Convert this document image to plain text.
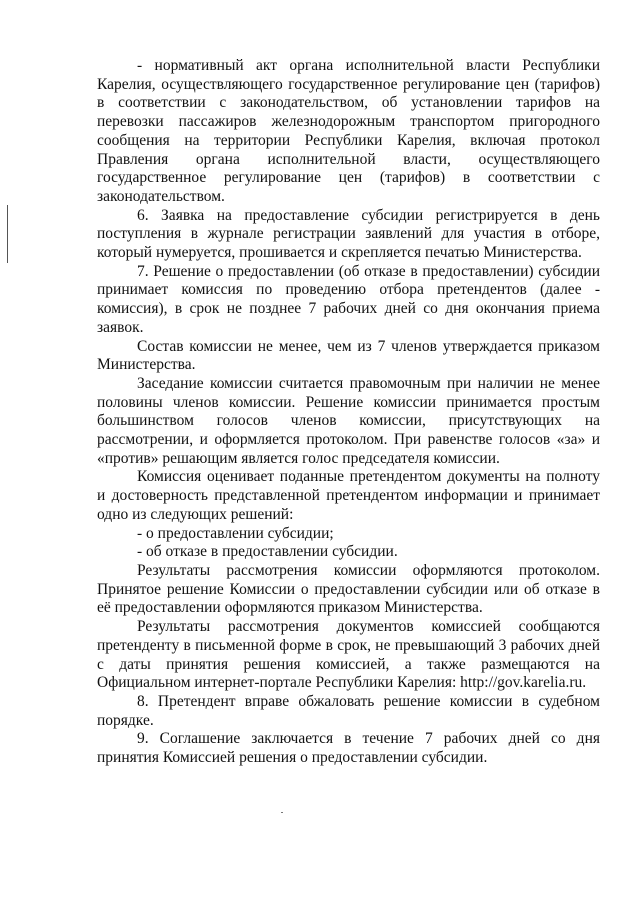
- нормативный акт органа исполнительной власти Республики Карелия, осуществляющего государственное регулирование цен (тарифов) в соответствии с законодательством, об установлении тарифов на перевозки пассажиров железнодорожным транспортом пригородного сообщения на территории Республики Карелия, включая протокол Правления органа исполнительной власти, осуществляющего государственное регулирование цен (тарифов) в соответствии с законодательством.

6. Заявка на предоставление субсидии регистрируется в день поступления в журнале регистрации заявлений для участия в отборе, который нумеруется, прошивается и скрепляется печатью Министерства.

7. Решение о предоставлении (об отказе в предоставлении) субсидии принимает комиссия по проведению отбора претендентов (далее - комиссия), в срок не позднее 7 рабочих дней со дня окончания приема заявок.

Состав комиссии не менее, чем из 7 членов утверждается приказом Министерства.

Заседание комиссии считается правомочным при наличии не менее половины членов комиссии. Решение комиссии принимается простым большинством голосов членов комиссии, присутствующих на рассмотрении, и оформляется протоколом. При равенстве голосов «за» и «против» решающим является голос председателя комиссии.

Комиссия оценивает поданные претендентом документы на полноту и достоверность представленной претендентом информации и принимает одно из следующих решений:

- о предоставлении субсидии;

- об отказе в предоставлении субсидии.

Результаты рассмотрения комиссии оформляются протоколом. Принятое решение Комиссии о предоставлении субсидии или об отказе в её предоставлении оформляются приказом Министерства.

Результаты рассмотрения документов комиссией сообщаются претенденту в письменной форме в срок, не превышающий 3 рабочих дней с даты принятия решения комиссией, а также размещаются на Официальном интернет-портале Республики Карелия: http://gov.karelia.ru.

8. Претендент вправе обжаловать решение комиссии в судебном порядке.

9. Соглашение заключается в течение 7 рабочих дней со дня принятия Комиссией решения о предоставлении субсидии.
